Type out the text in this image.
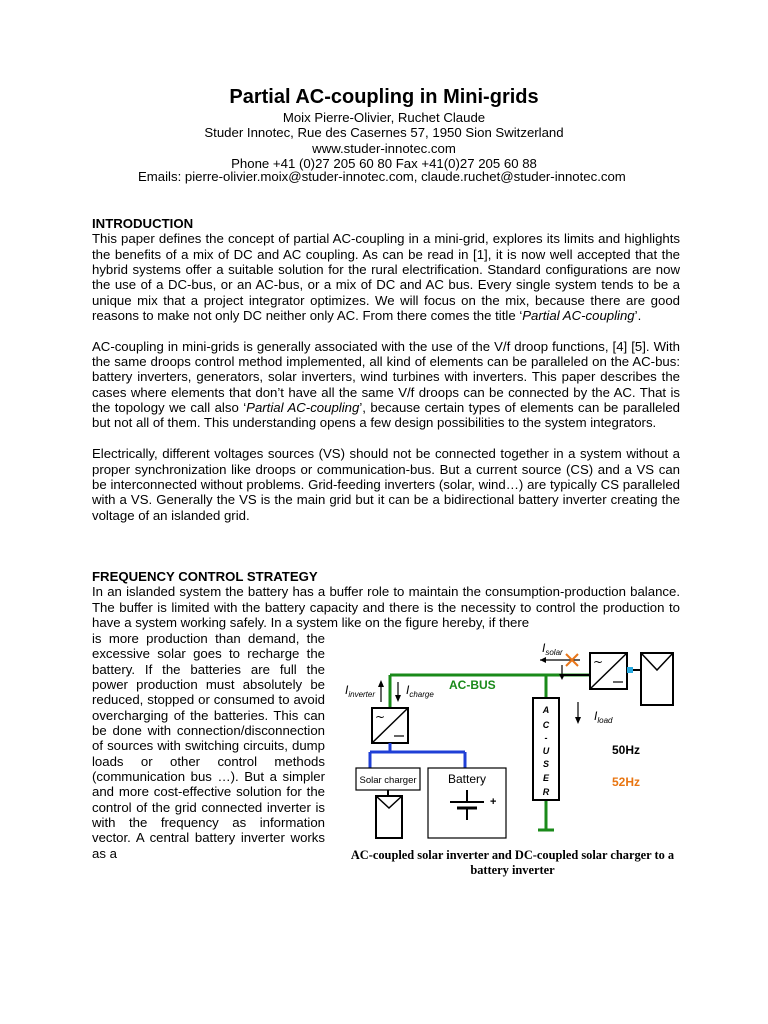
Partial AC-coupling in Mini-grids
Moix Pierre-Olivier, Ruchet Claude
Studer Innotec, Rue des Casernes 57, 1950 Sion Switzerland
www.studer-innotec.com
Phone +41 (0)27 205 60 80 Fax +41(0)27 205 60 88
Emails: pierre-olivier.moix@studer-innotec.com, claude.ruchet@studer-innotec.com
INTRODUCTION

This paper defines the concept of partial AC-coupling in a mini-grid, explores its limits and highlights the benefits of a mix of DC and AC coupling. As can be read in [1], it is now well accepted that the hybrid systems offer a suitable solution for the rural electrification. Standard configurations are now the use of a DC-bus, or an AC-bus, or a mix of DC and AC bus. Every single system tends to be a unique mix that a project integrator optimizes. We will focus on the mix, because there are good reasons to make not only DC neither only AC. From there comes the title ‘Partial AC-coupling’.

AC-coupling in mini-grids is generally associated with the use of the V/f droop functions, [4] [5]. With the same droops control method implemented, all kind of elements can be paralleled on the AC-bus: battery inverters, generators, solar inverters, wind turbines with inverters. This paper describes the cases where elements that don’t have all the same V/f droops can be connected by the AC. That is the topology we call also ‘Partial AC-coupling’, because certain types of elements can be paralleled but not all of them. This understanding opens a few design possibilities to the system integrators.

Electrically, different voltages sources (VS) should not be connected together in a system without a proper synchronization like droops or communication-bus. But a current source (CS) and a VS can be interconnected without problems. Grid-feeding inverters (solar, wind…) are typically CS paralleled with a VS. Generally the VS is the main grid but it can be a bidirectional battery inverter creating the voltage of an islanded grid.

FREQUENCY CONTROL STRATEGY

In an islanded system the battery has a buffer role to maintain the consumption-production balance. The buffer is limited with the battery capacity and there is the necessity to control the production to have a system working safely. In a system like on the figure hereby, if there

is more production than demand, the excessive solar goes to recharge the battery. If the batteries are full the power production must absolutely be reduced, stopped or consumed to avoid overcharging of the batteries. This can be done with connection/disconnection of sources with switching circuits, dump loads or other control methods (communication bus …). But a simpler and more cost-effective solution for the control of the grid connected inverter is with the frequency as information vector. A central battery inverter works as a
AC-BUS
~
$I_{solar}$
$I_{inverter}$	$I_{charge}$
~
Solar charger	Battery
+
A
C
-
U
S
E
R
$I_{load}$
50Hz
52Hz
AC-coupled solar inverter and DC-coupled solar charger to a battery inverter
